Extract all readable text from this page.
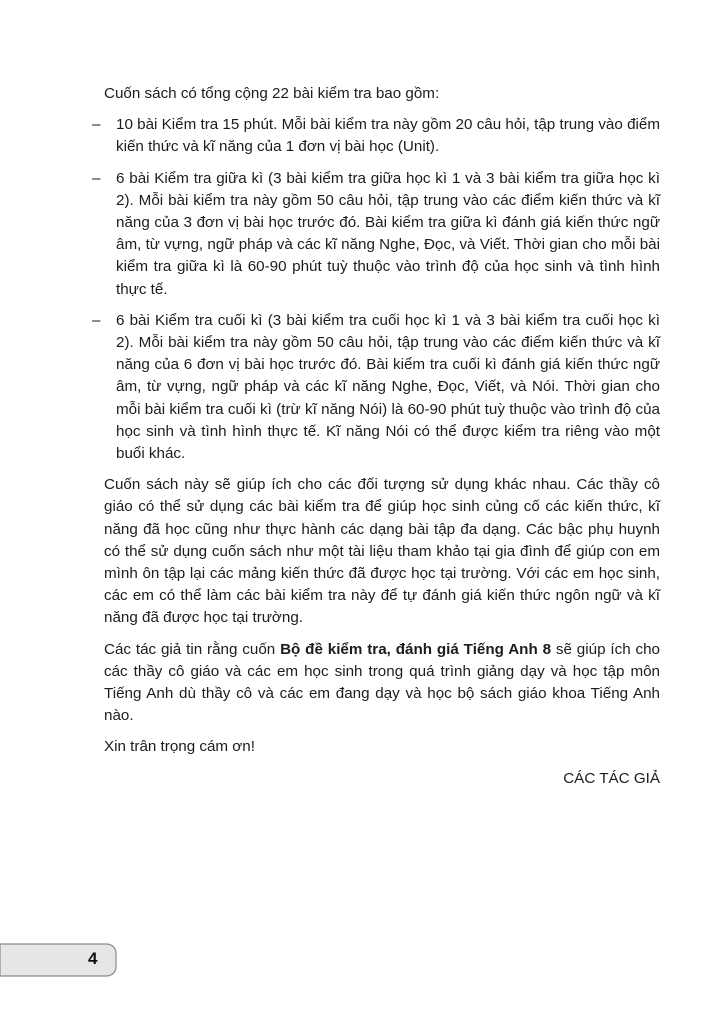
Cuốn sách có tổng cộng 22 bài kiểm tra bao gồm:

–	10 bài Kiểm tra 15 phút. Mỗi bài kiểm tra này gồm 20 câu hỏi, tập trung vào điểm kiến thức và kĩ năng của 1 đơn vị bài học (Unit).
–	6 bài Kiểm tra giữa kì (3 bài kiểm tra giữa học kì 1 và 3 bài kiểm tra giữa học kì 2). Mỗi bài kiểm tra này gồm 50 câu hỏi, tập trung vào các điểm kiến thức và kĩ năng của 3 đơn vị bài học trước đó. Bài kiểm tra giữa kì đánh giá kiến thức ngữ âm, từ vựng, ngữ pháp và các kĩ năng Nghe, Đọc, và Viết. Thời gian cho mỗi bài kiểm tra giữa kì là 60-90 phút tuỳ thuộc vào trình độ của học sinh và tình hình thực tế.
–	6 bài Kiểm tra cuối kì (3 bài kiểm tra cuối học kì 1 và 3 bài kiểm tra cuối học kì 2). Mỗi bài kiểm tra này gồm 50 câu hỏi, tập trung vào các điểm kiến thức và kĩ năng của 6 đơn vị bài học trước đó. Bài kiểm tra cuối kì đánh giá kiến thức ngữ âm, từ vựng, ngữ pháp và các kĩ năng Nghe, Đọc, Viết, và Nói. Thời gian cho mỗi bài kiểm tra cuối kì (trừ kĩ năng Nói) là 60-90 phút tuỳ thuộc vào trình độ của học sinh và tình hình thực tế. Kĩ năng Nói có thể được kiểm tra riêng vào một buổi khác.

Cuốn sách này sẽ giúp ích cho các đối tượng sử dụng khác nhau. Các thầy cô giáo có thể sử dụng các bài kiểm tra để giúp học sinh củng cố các kiến thức, kĩ năng đã học cũng như thực hành các dạng bài tập đa dạng. Các bậc phụ huynh có thể sử dụng cuốn sách như một tài liệu tham khảo tại gia đình để giúp con em mình ôn tập lại các mảng kiến thức đã được học tại trường. Với các em học sinh, các em có thể làm các bài kiểm tra này để tự đánh giá kiến thức ngôn ngữ và kĩ năng đã được học tại trường.

Các tác giả tin rằng cuốn Bộ đề kiểm tra, đánh giá Tiếng Anh 8 sẽ giúp ích cho các thầy cô giáo và các em học sinh trong quá trình giảng dạy và học tập môn Tiếng Anh dù thầy cô và các em đang dạy và học bộ sách giáo khoa Tiếng Anh nào.

Xin trân trọng cám ơn!

CÁC TÁC GIẢ

4
